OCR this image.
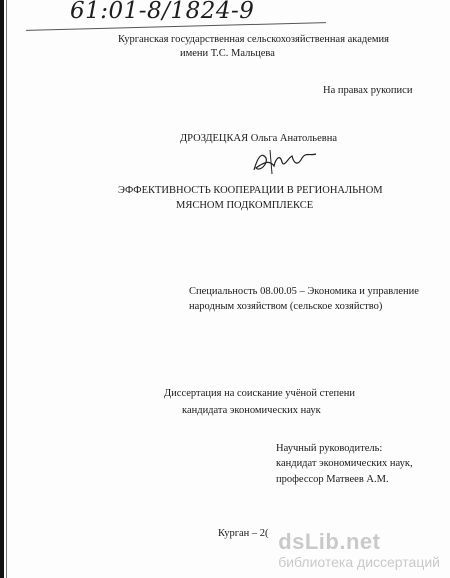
61:01-8/1824-9
Курганская государственная сельскохозяйственная академия
имени Т.С. Мальцева
На правах рукописи
ДРОЗДЕЦКАЯ Ольга Анатольевна
ЭФФЕКТИВНОСТЬ КООПЕРАЦИИ В РЕГИОНАЛЬНОМ
МЯСНОМ ПОДКОМПЛЕКСЕ
Специальность 08.00.05 – Экономика и управление
народным хозяйством (сельское хозяйство)
Диссертация на соискание учёной степени
кандидата экономических наук
Научный руководитель:
кандидат экономических наук,
профессор Матвеев А.М.
Курган – 2( dsLib.net
библиотека диссертаций
